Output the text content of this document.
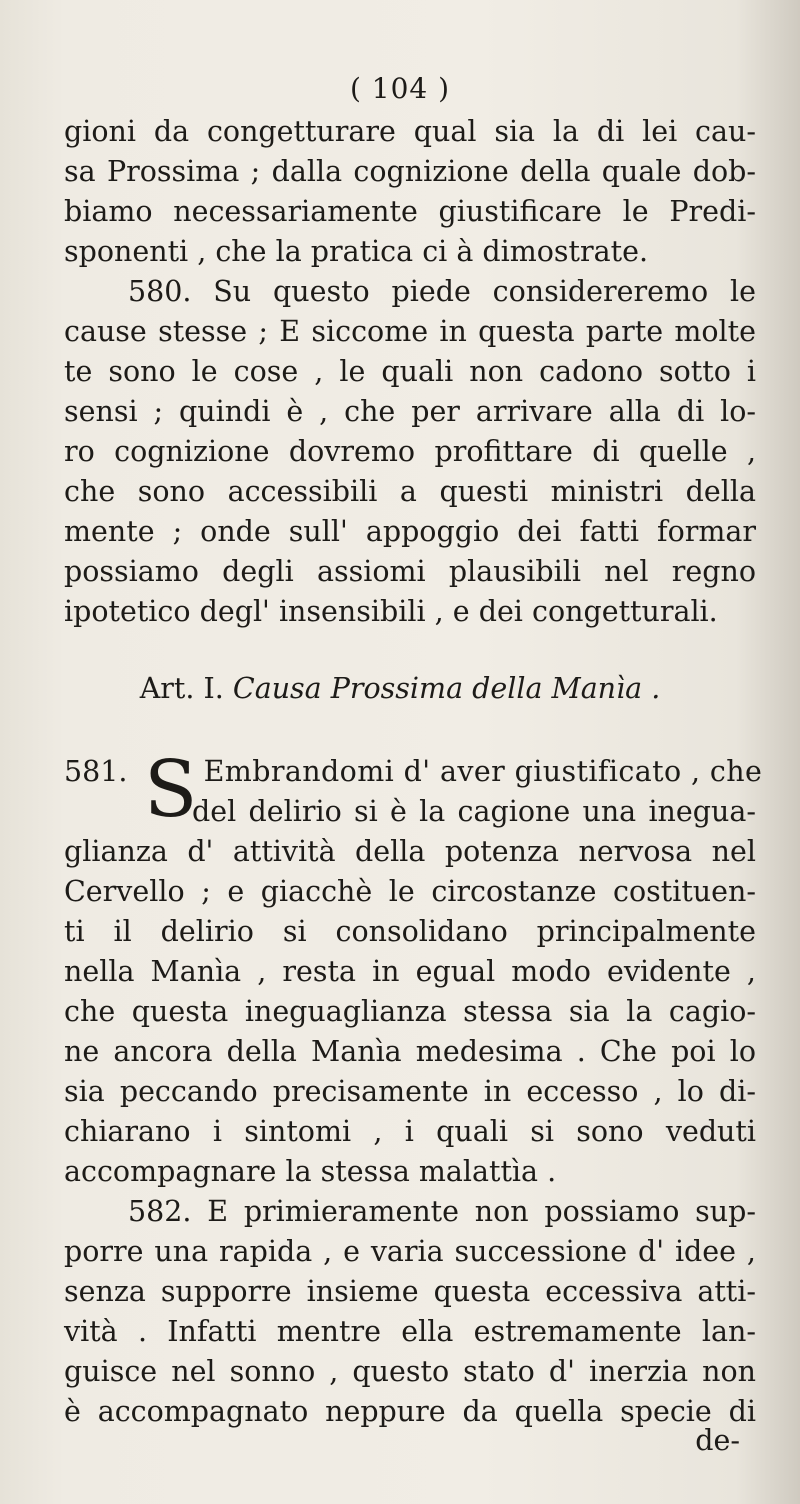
( 104 )
gioni da congetturare qual sia la di lei cau-
sa Prossima ; dalla cognizione della quale dob-
biamo necessariamente giustificare le Predi-
sponenti , che la pratica ci à dimostrate.
580. Su questo piede considereremo le
cause stesse ; E siccome in questa parte molte
te sono le cose , le quali non cadono sotto i
sensi ; quindi è , che per arrivare alla di lo-
ro cognizione dovremo profittare di quelle ,
che sono accessibili a questi ministri della
mente ; onde sull' appoggio dei fatti formar
possiamo degli assiomi plausibili nel regno
ipotetico degl' insensibili , e dei congetturali.
Art. I. Causa Prossima della Manìa .
S
581.	Embrandomi d' aver giustificato , che
del delirio si è la cagione una inegua-
glianza d' attività della potenza nervosa nel
Cervello ; e giacchè le circostanze costituen-
ti il delirio si consolidano principalmente
nella Manìa , resta in egual modo evidente ,
che questa ineguaglianza stessa sia la cagio-
ne ancora della Manìa medesima . Che poi lo
sia peccando precisamente in eccesso , lo di-
chiarano i sintomi , i quali si sono veduti
accompagnare la stessa malattìa .
582. E primieramente non possiamo sup-
porre una rapida , e varia successione d' idee ,
senza supporre insieme questa eccessiva atti-
vità . Infatti mentre ella estremamente lan-
guisce nel sonno , questo stato d' inerzia non
è accompagnato neppure da quella specie di
de-
